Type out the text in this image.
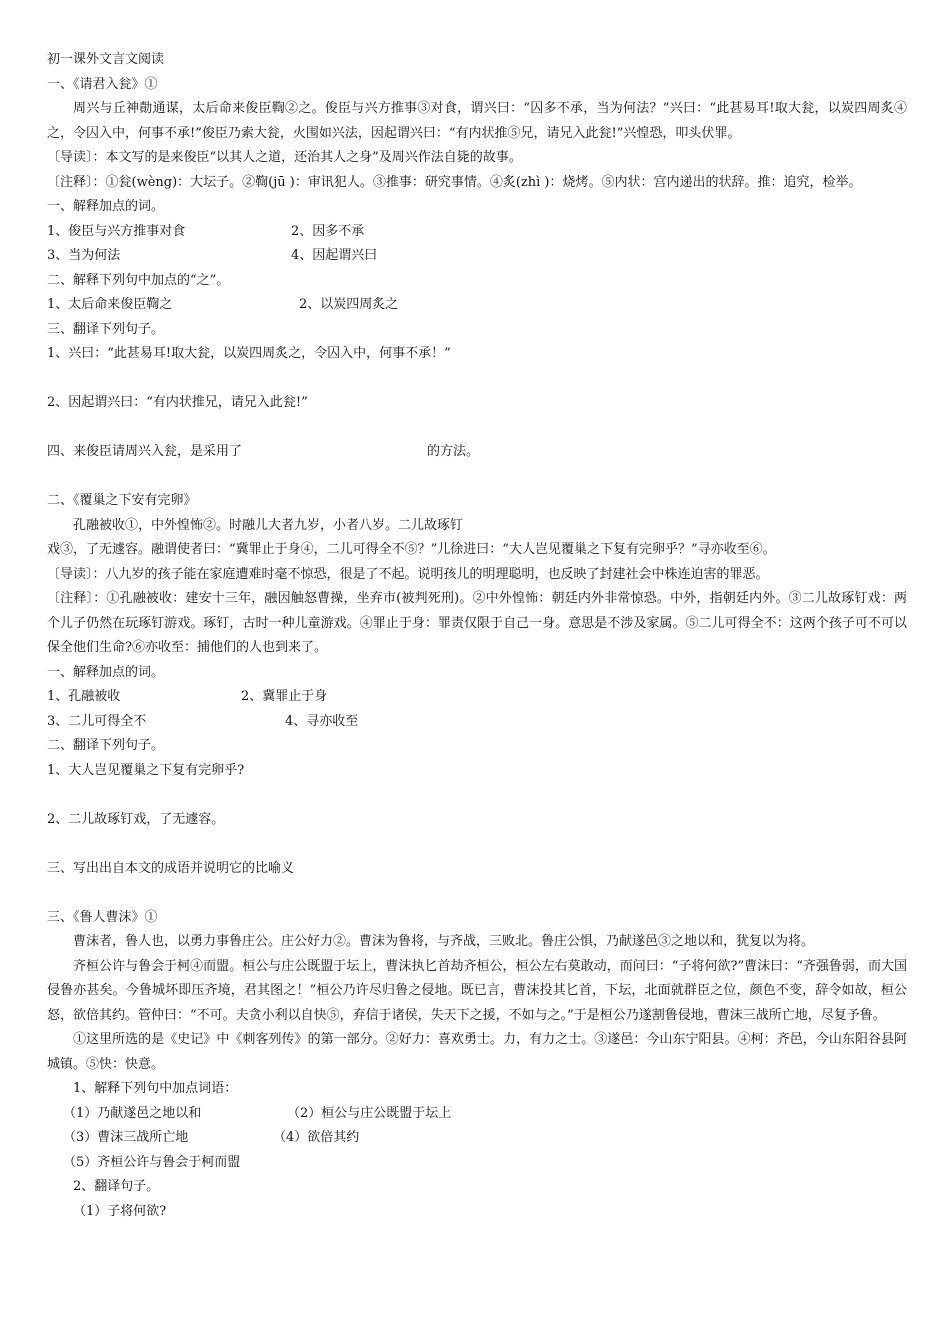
初一课外文言文阅读

一、《请君入瓮》①

周兴与丘神勣通谋，太后命来俊臣鞫②之。俊臣与兴方推事③对食，谓兴曰：“囚多不承，当为何法？”兴曰：“此甚易耳!取大瓮，以炭四周炙④之，令囚入中，何事不承!”俊臣乃索大瓮，火围如兴法，因起谓兴曰：“有内状推⑤兄，请兄入此瓮!”兴惶恐，叩头伏罪。

〔导读〕：本文写的是来俊臣“以其人之道，还治其人之身”及周兴作法自毙的故事。

〔注释〕：①瓮(wèng)：大坛子。②鞫(jū )：审讯犯人。③推事：研究事情。④炙(zhì )：烧烤。⑤内状：宫内递出的状辞。推：追究，检举。

一、解释加点的词。

1、俊臣与兴方推事对食	2、因多不承
3、当为何法	4、因起谓兴曰

二、解释下列句中加点的“之”。

1、太后命来俊臣鞫之	2、以炭四周炙之

三、翻译下列句子。

1、兴曰：“此甚易耳!取大瓮，以炭四周炙之，令囚入中，何事不承！”

2、因起谓兴曰：“有内状推兄，请兄入此瓮!”

四、来俊臣请周兴入瓮，是采用了	的方法。

二、《覆巢之下安有完卵》

孔融被收①，中外惶怖②。时融儿大者九岁，小者八岁。二儿故琢钉

戏③，了无遽容。融谓使者曰：“冀罪止于身④，二儿可得全不⑤？”儿徐进曰：“大人岂见覆巢之下复有完卵乎？”寻亦收至⑥。

〔导读〕：八九岁的孩子能在家庭遭难时毫不惊恐，很是了不起。说明孩儿的明理聪明，也反映了封建社会中株连迫害的罪恶。

〔注释〕：①孔融被收：建安十三年，融因触怒曹操，坐弃市(被判死刑)。②中外惶怖：朝廷内外非常惊恐。中外，指朝廷内外。③二儿故琢钉戏：两个儿子仍然在玩琢钉游戏。琢钉，古时一种儿童游戏。④罪止于身：罪责仅限于自己一身。意思是不涉及家属。⑤二儿可得全不：这两个孩子可不可以保全他们生命?⑥亦收至：捕他们的人也到来了。

一、解释加点的词。

1、孔融被收	2、冀罪止于身
3、二儿可得全不	4、寻亦收至

二、翻译下列句子。

1、大人岂见覆巢之下复有完卵乎?

2、二儿故琢钉戏，了无遽容。

三、写出出自本文的成语并说明它的比喻义

三、《鲁人曹沫》①

曹沫者，鲁人也，以勇力事鲁庄公。庄公好力②。曹沫为鲁将，与齐战，三败北。鲁庄公惧，乃献遂邑③之地以和，犹复以为将。

齐桓公许与鲁会于柯④而盟。桓公与庄公既盟于坛上，曹沫执匕首劫齐桓公，桓公左右莫敢动，而问曰：“子将何欲?”曹沫曰：“齐强鲁弱，而大国侵鲁亦甚矣。今鲁城坏即压齐境，君其图之！”桓公乃许尽归鲁之侵地。既已言，曹沫投其匕首，下坛，北面就群臣之位，颜色不变，辞令如故，桓公怒，欲倍其约。管仲曰：“不可。夫贪小利以自快⑤，弃信于诸侯，失天下之援，不如与之。”于是桓公乃遂割鲁侵地，曹沫三战所亡地，尽复予鲁。

①这里所选的是《史记》中《刺客列传》的第一部分。②好力：喜欢勇士。力，有力之士。③遂邑：今山东宁阳县。④柯：齐邑，今山东阳谷县阿城镇。⑤快：快意。

1、解释下列句中加点词语：

（1）乃献遂邑之地以和	（2）桓公与庄公既盟于坛上
（3）曹沫三战所亡地	（4）欲倍其约

（5）齐桓公许与鲁会于柯而盟

2、翻译句子。

（1）子将何欲?
